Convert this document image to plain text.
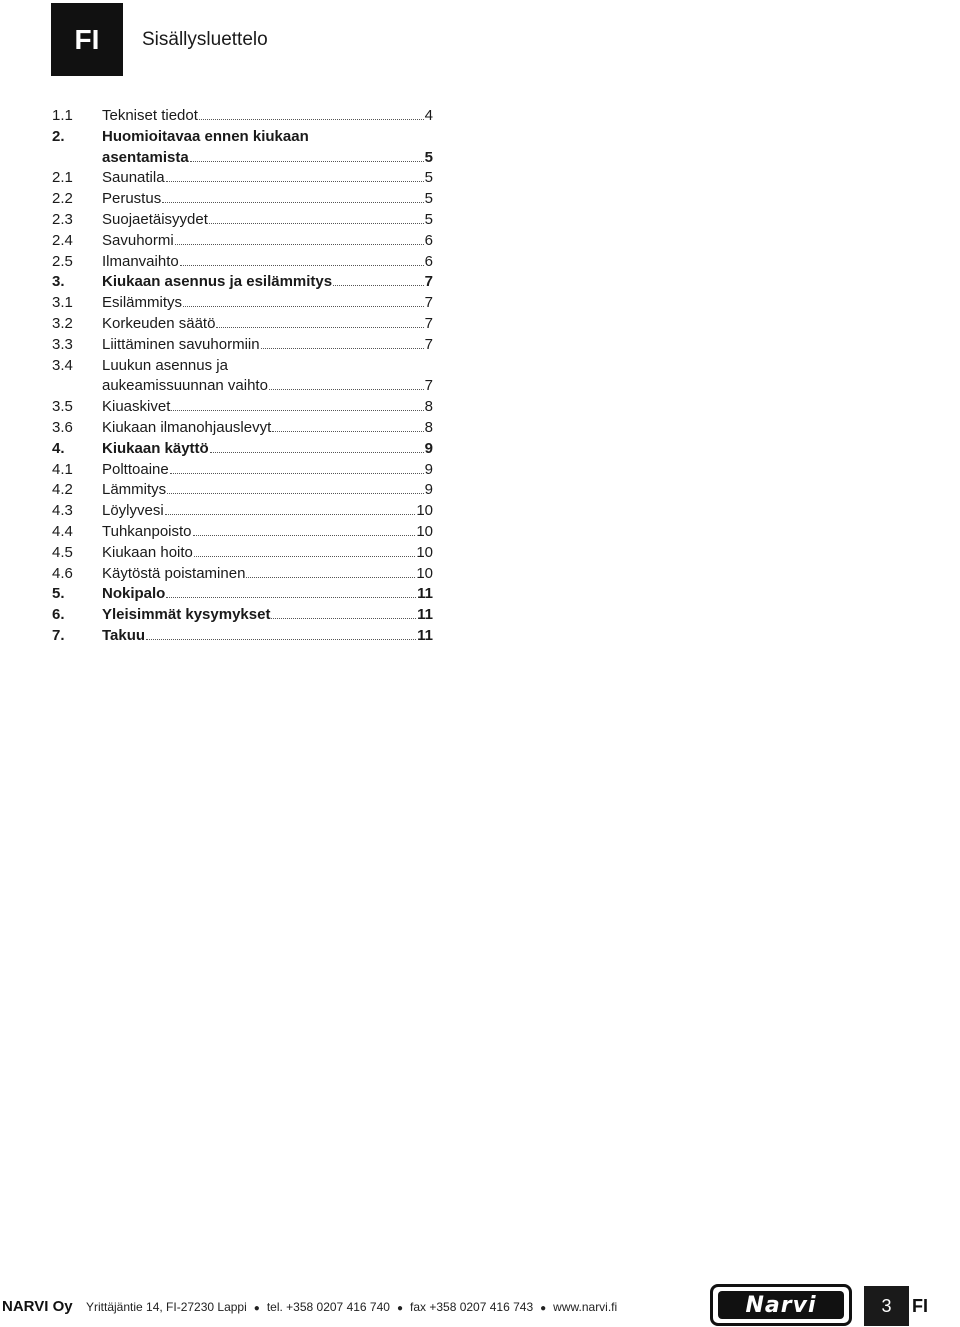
FI Sisällysluettelo
1.1	Tekniset tiedot	4
2.	Huomioitavaa ennen kiukaan
asentamista	5
2.1	Saunatila	5
2.2	Perustus	5
2.3	Suojaetäisyydet	5
2.4	Savuhormi	6
2.5	Ilmanvaihto	6
3.	Kiukaan asennus ja esilämmitys	7
3.1	Esilämmitys	7
3.2	Korkeuden säätö	7
3.3	Liittäminen savuhormiin	7
3.4	Luukun asennus ja
aukeamissuunnan vaihto	7
3.5	Kiuaskivet	8
3.6	Kiukaan ilmanohjauslevyt	8
4.	Kiukaan käyttö	9
4.1	Polttoaine	9
4.2	Lämmitys	9
4.3	Löylyvesi	10
4.4	Tuhkanpoisto	10
4.5	Kiukaan hoito	10
4.6	Käytöstä poistaminen	10
5.	Nokipalo	11
6.	Yleisimmät kysymykset	11
7.	Takuu	11
NARVI Oy Yrittäjäntie 14, FI-27230 Lappi ● tel. +358 0207 416 740 ● fax +358 0207 416 743 ● www.narvi.fi	Narvi	3 FI
